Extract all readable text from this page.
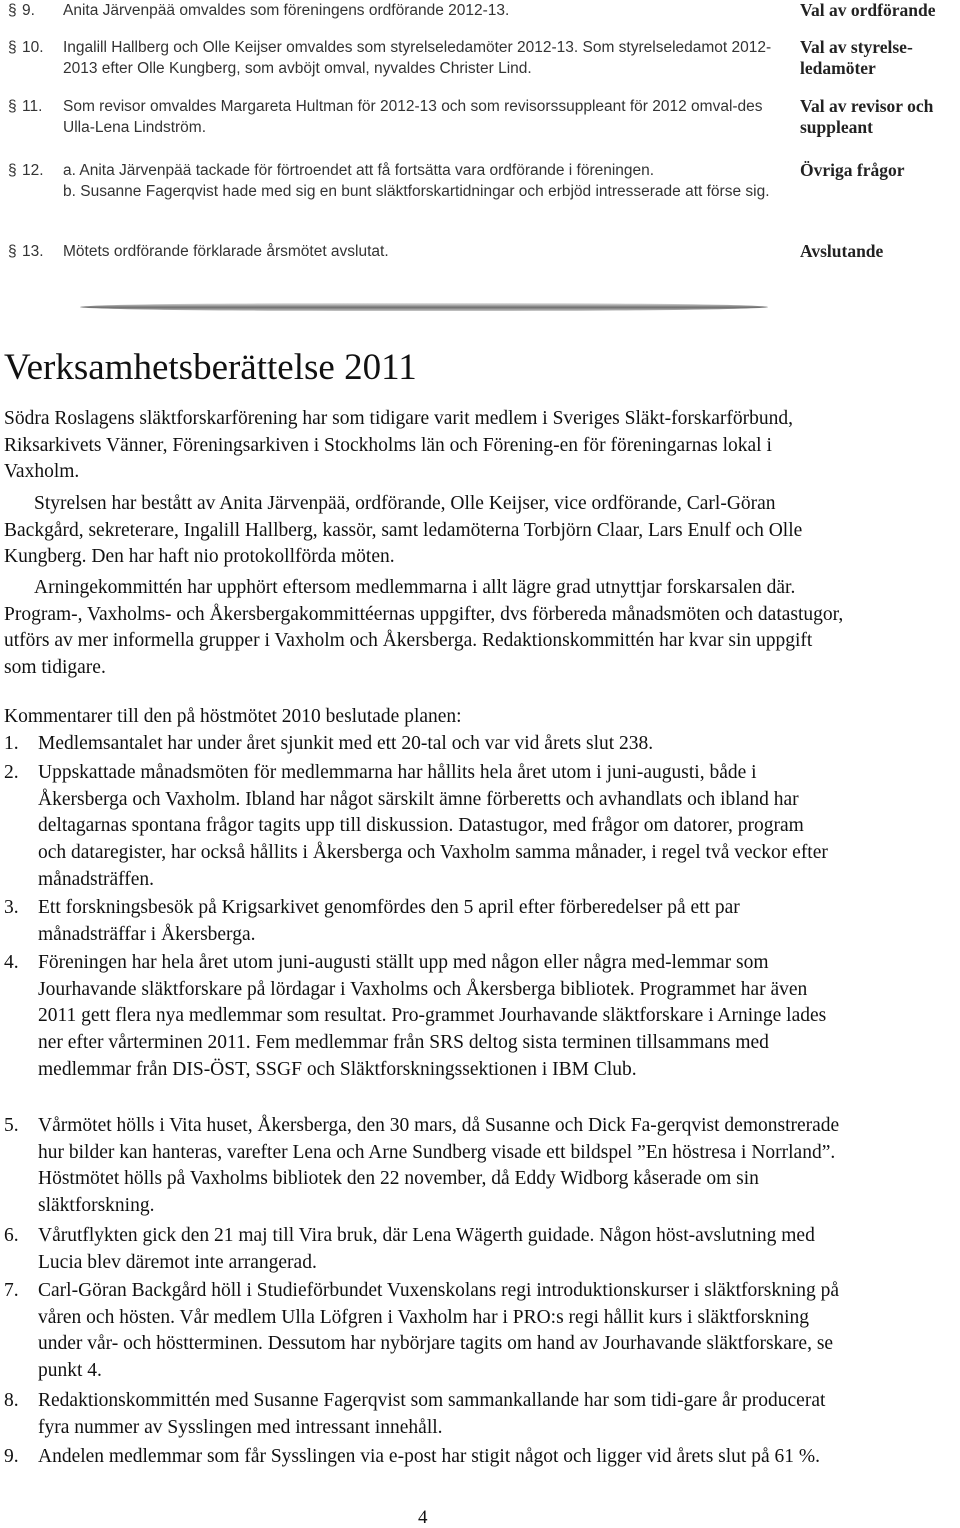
§ 9. Anita Järvenpää omvaldes som föreningens ordförande 2012-13.	Val av ordförande
§ 10. Ingalill Hallberg och Olle Keijser omvaldes som styrelseledamöter 2012-13. Som styrelseledamot 2012-2013 efter Olle Kungberg, som avböjt omval, nyvaldes Christer Lind.
Val av styrelse-ledamöter
§ 11. Som revisor omvaldes Margareta Hultman för 2012-13 och som revisorssuppleant för 2012 omval-des Ulla-Lena Lindström.
Val av revisor och suppleant
§ 12. a. Anita Järvenpää tackade för förtroendet att få fortsätta vara ordförande i föreningen.
b. Susanne Fagerqvist hade med sig en bunt släktforskartidningar och erbjöd intresserade att förse sig.
Övriga frågor
§ 13. Mötets ordförande förklarade årsmötet avslutat.	Avslutande
Verksamhetsberättelse 2011

Södra Roslagens släktforskarförening har som tidigare varit medlem i Sveriges Släkt-forskarförbund, Riksarkivets Vänner, Föreningsarkiven i Stockholms län och Förening-en för föreningarnas lokal i Vaxholm.

Styrelsen har bestått av Anita Järvenpää, ordförande, Olle Keijser, vice ordförande, Carl-Göran Backgård, sekreterare, Ingalill Hallberg, kassör, samt ledamöterna Torbjörn Claar, Lars Enulf och Olle Kungberg. Den har haft nio protokollförda möten.

Arningekommittén har upphört eftersom medlemmarna i allt lägre grad utnyttjar forskarsalen där. Program-, Vaxholms- och Åkersbergakommittéernas uppgifter, dvs förbereda månadsmöten och datastugor, utförs av mer informella grupper i Vaxholm och Åkersberga. Redaktionskommittén har kvar sin uppgift som tidigare.

Kommentarer till den på höstmötet 2010 beslutade planen:

1. Medlemsantalet har under året sjunkit med ett 20-tal och var vid årets slut 238.
2. Uppskattade månadsmöten för medlemmarna har hållits hela året utom i juni-augusti, både i Åkersberga och Vaxholm. Ibland har något särskilt ämne förberetts och avhandlats och ibland har deltagarnas spontana frågor tagits upp till diskussion. Datastugor, med frågor om datorer, program och dataregister, har också hållits i Åkersberga och Vaxholm samma månader, i regel två veckor efter månadsträffen.
3. Ett forskningsbesök på Krigsarkivet genomfördes den 5 april efter förberedelser på ett par månadsträffar i Åkersberga.
4. Föreningen har hela året utom juni-augusti ställt upp med någon eller några med-lemmar som Jourhavande släktforskare på lördagar i Vaxholms och Åkersberga bibliotek. Programmet har även 2011 gett flera nya medlemmar som resultat. Pro-grammet Jourhavande släktforskare i Arninge lades ner efter vårterminen 2011. Fem medlemmar från SRS deltog sista terminen tillsammans med medlemmar från DIS-ÖST, SSGF och Släktforskningssektionen i IBM Club.
5. Vårmötet hölls i Vita huset, Åkersberga, den 30 mars, då Susanne och Dick Fa-gerqvist demonstrerade hur bilder kan hanteras, varefter Lena och Arne Sundberg visade ett bildspel ”En höstresa i Norrland”. Höstmötet hölls på Vaxholms bibliotek den 22 november, då Eddy Widborg kåserade om sin släktforskning.
6. Vårutflykten gick den 21 maj till Vira bruk, där Lena Wägerth guidade. Någon höst-avslutning med Lucia blev däremot inte arrangerad.
7. Carl-Göran Backgård höll i Studieförbundet Vuxenskolans regi introduktionskurser i släktforskning på våren och hösten. Vår medlem Ulla Löfgren i Vaxholm har i PRO:s regi hållit kurs i släktforskning under vår- och höstterminen. Dessutom har nybörjare tagits om hand av Jourhavande släktforskare, se punkt 4.
8. Redaktionskommittén med Susanne Fagerqvist som sammankallande har som tidi-gare år producerat fyra nummer av Sysslingen med intressant innehåll.
9. Andelen medlemmar som får Sysslingen via e-post har stigit något och ligger vid årets slut på 61 %.
4
